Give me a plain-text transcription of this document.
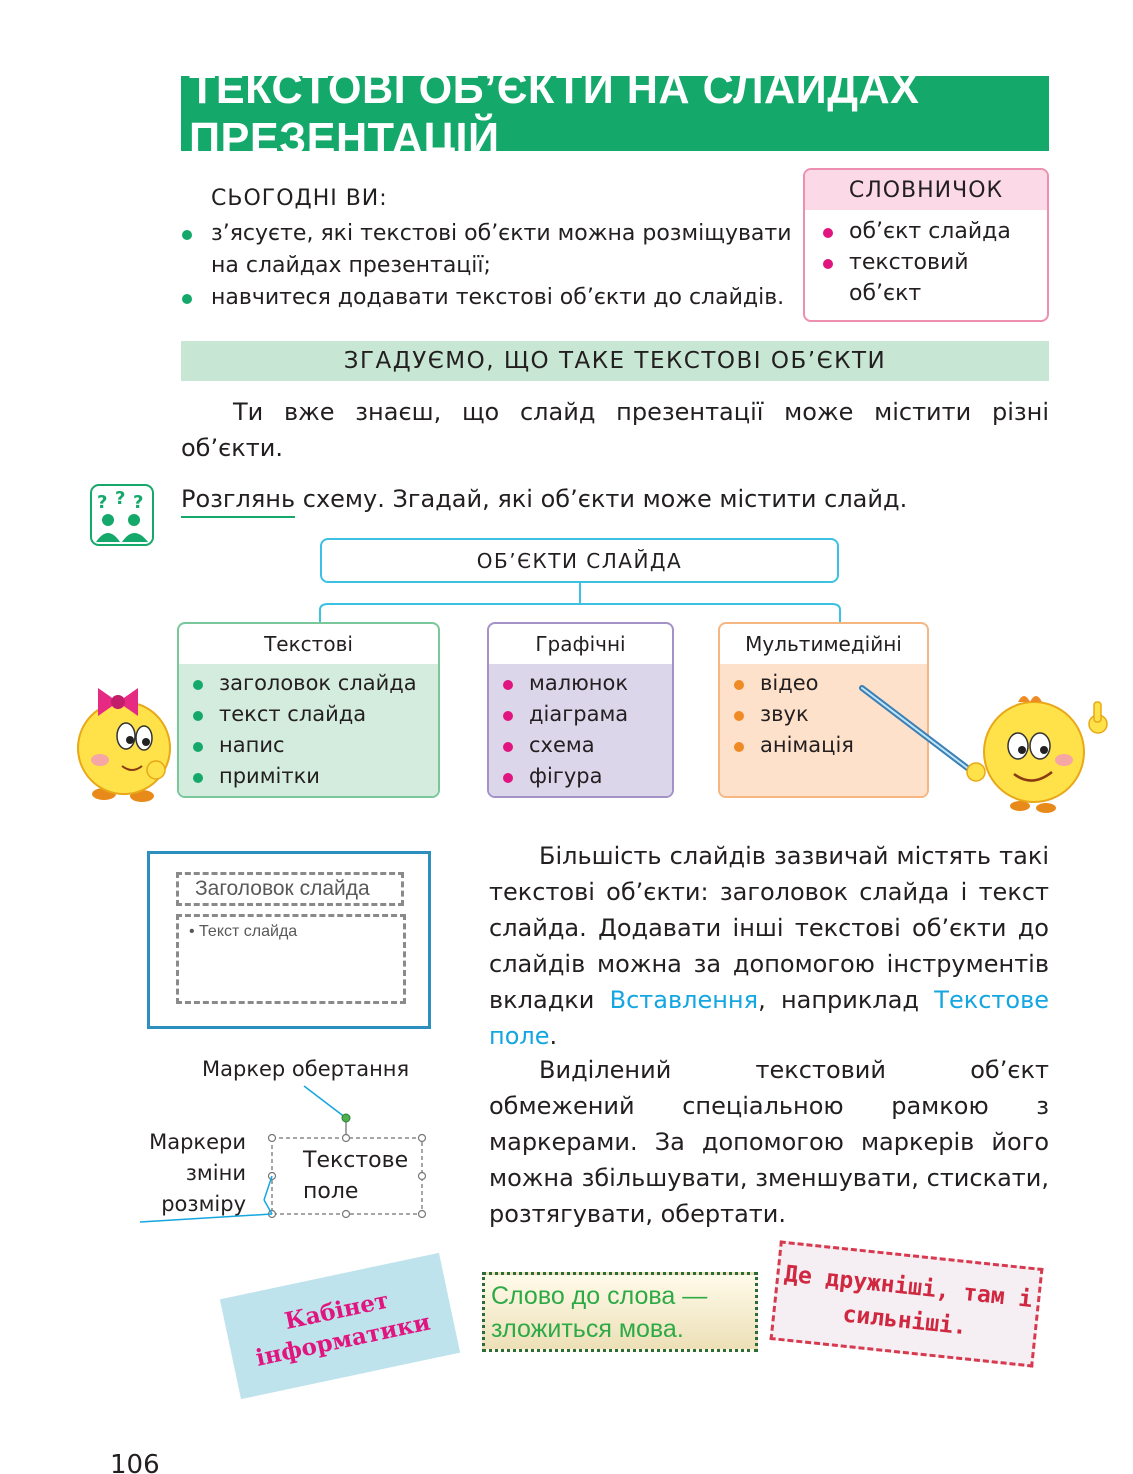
ТЕКСТОВІ ОБ’ЄКТИ НА СЛАЙДАХ ПРЕЗЕНТАЦІЙ
СЬОГОДНІ ВИ:
з’ясуєте, які текстові об’єкти можна розміщувати на слайдах презентації;
навчитеся додавати текстові об’єкти до слайдів.
СЛОВНИЧОК
об’єкт слайда
текстовий об’єкт
ЗГАДУЄМО, ЩО ТАКЕ ТЕКСТОВІ ОБ’ЄКТИ

Ти вже знаєш, що слайд презентації може містити різні об’єкти.

? ? ? Розглянь схему. Згадай, які об’єкти може містити слайд.
ОБ’ЄКТИ СЛАЙДА
Текстові
заголовок слайда
текст слайда
напис
примітки
Графічні
малюнок
діаграма
схема
фігура
Мультимедійні
відео
звук
анімація
Заголовок слайда
• Текст слайда
Маркер обертання
Маркери зміни розміру
Текстове поле

Більшість слайдів зазвичай містять такі текстові об’єкти: заголовок слайда і текст слайда. Додавати інші текстові об’єкти до слайдів можна за допомогою інструментів вкладки Вставлення, наприклад Текстове поле.

Виділений текстовий об’єкт обмежений спеціальною рамкою з маркерами. За допомогою маркерів його можна збільшувати, зменшувати, стискати, розтягувати, обертати.

Кабінет інформатики
Слово до слова — зложиться мова.
Де дружніші, там і сильніші.
106
